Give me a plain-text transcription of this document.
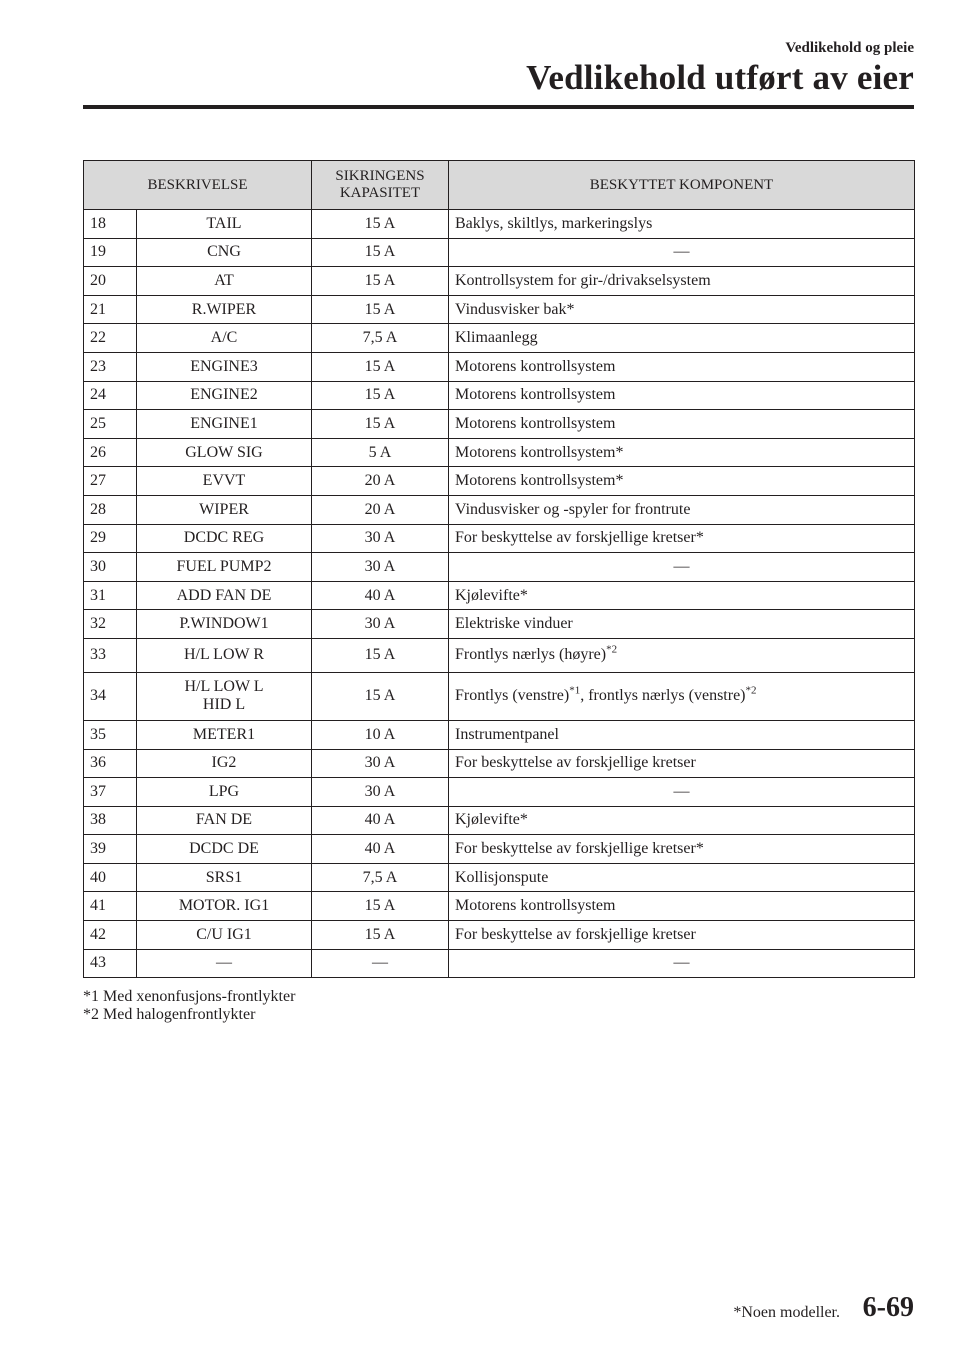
Vedlikehold og pleie
Vedlikehold utført av eier
BESKRIVELSE		SIKRINGENS
KAPASITET	BESKYTTET KOMPONENT
18	TAIL	15 A	Baklys, skiltlys, markeringslys
19	CNG	15 A	—
20	AT	15 A	Kontrollsystem for gir-/drivakselsystem
21	R.WIPER	15 A	Vindusvisker bak*
22	A/C	7,5 A	Klimaanlegg
23	ENGINE3	15 A	Motorens kontrollsystem
24	ENGINE2	15 A	Motorens kontrollsystem
25	ENGINE1	15 A	Motorens kontrollsystem
26	GLOW SIG	5 A	Motorens kontrollsystem*
27	EVVT	20 A	Motorens kontrollsystem*
28	WIPER	20 A	Vindusvisker og -spyler for frontrute
29	DCDC REG	30 A	For beskyttelse av forskjellige kretser*
30	FUEL PUMP2	30 A	—
31	ADD FAN DE	40 A	Kjølevifte*
32	P.WINDOW1	30 A	Elektriske vinduer
33	H/L LOW R	15 A	Frontlys nærlys (høyre)$^{*2}$
34	H/L LOW L
HID L	15 A	Frontlys (venstre)$^{*1}$, frontlys nærlys (venstre)$^{*2}$
35	METER1	10 A	Instrumentpanel
36	IG2	30 A	For beskyttelse av forskjellige kretser
37	LPG	30 A	—
38	FAN DE	40 A	Kjølevifte*
39	DCDC DE	40 A	For beskyttelse av forskjellige kretser*
40	SRS1	7,5 A	Kollisjonspute
41	MOTOR. IG1	15 A	Motorens kontrollsystem
42	C/U IG1	15 A	For beskyttelse av forskjellige kretser
43	—	—	—
*1 Med xenonfusjons-frontlykter
*2 Med halogenfrontlykter
*Noen modeller. 6-69
